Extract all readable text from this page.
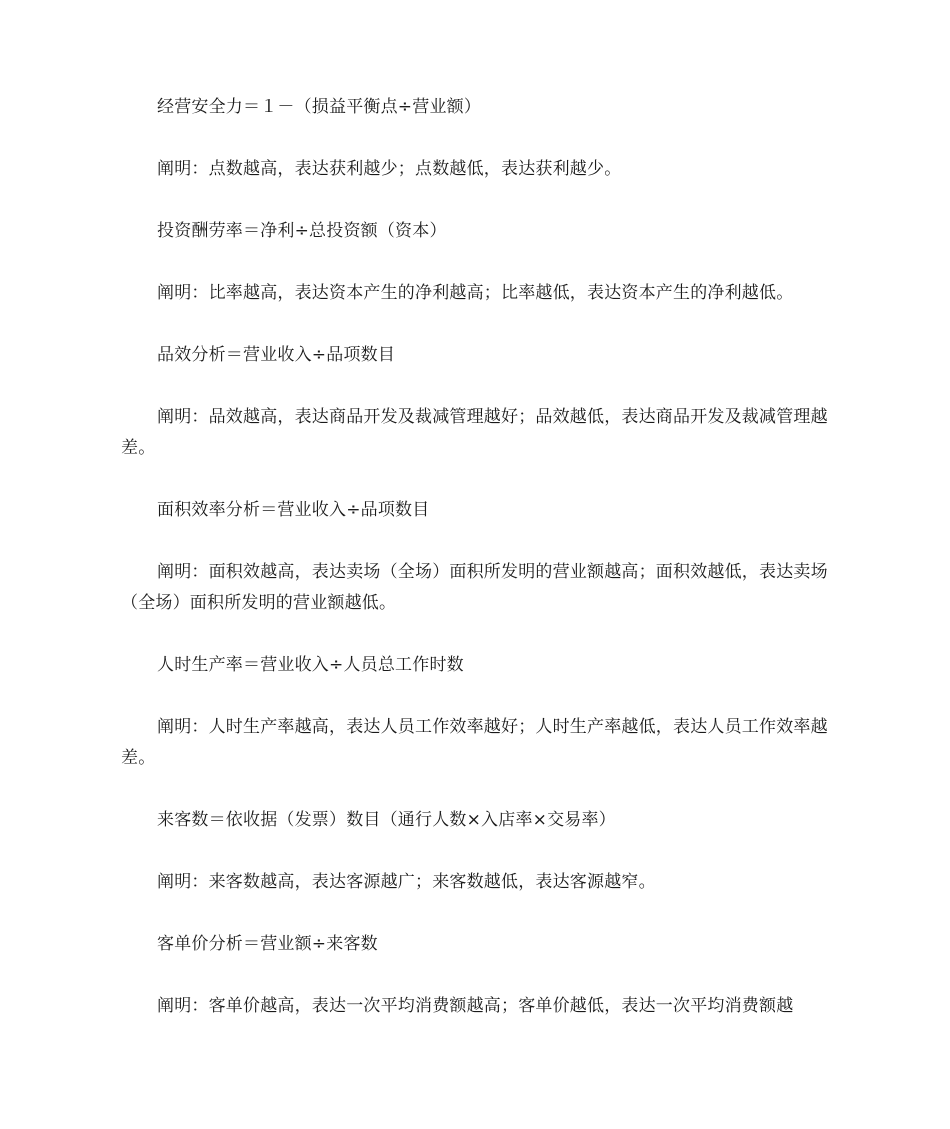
经营安全力＝１－（损益平衡点÷营业额）

阐明：点数越高，表达获利越少；点数越低，表达获利越少。

投资酬劳率＝净利÷总投资额（资本）

阐明：比率越高，表达资本产生的净利越高；比率越低，表达资本产生的净利越低。

品效分析＝营业收入÷品项数目

阐明：品效越高，表达商品开发及裁减管理越好；品效越低，表达商品开发及裁减管理越差。

面积效率分析＝营业收入÷品项数目

阐明：面积效越高，表达卖场（全场）面积所发明的营业额越高；面积效越低，表达卖场（全场）面积所发明的营业额越低。

人时生产率＝营业收入÷人员总工作时数

阐明：人时生产率越高，表达人员工作效率越好；人时生产率越低，表达人员工作效率越差。

来客数＝依收据（发票）数目（通行人数×入店率×交易率）

阐明：来客数越高，表达客源越广；来客数越低，表达客源越窄。

客单价分析＝营业额÷来客数

阐明：客单价越高，表达一次平均消费额越高；客单价越低，表达一次平均消费额越
